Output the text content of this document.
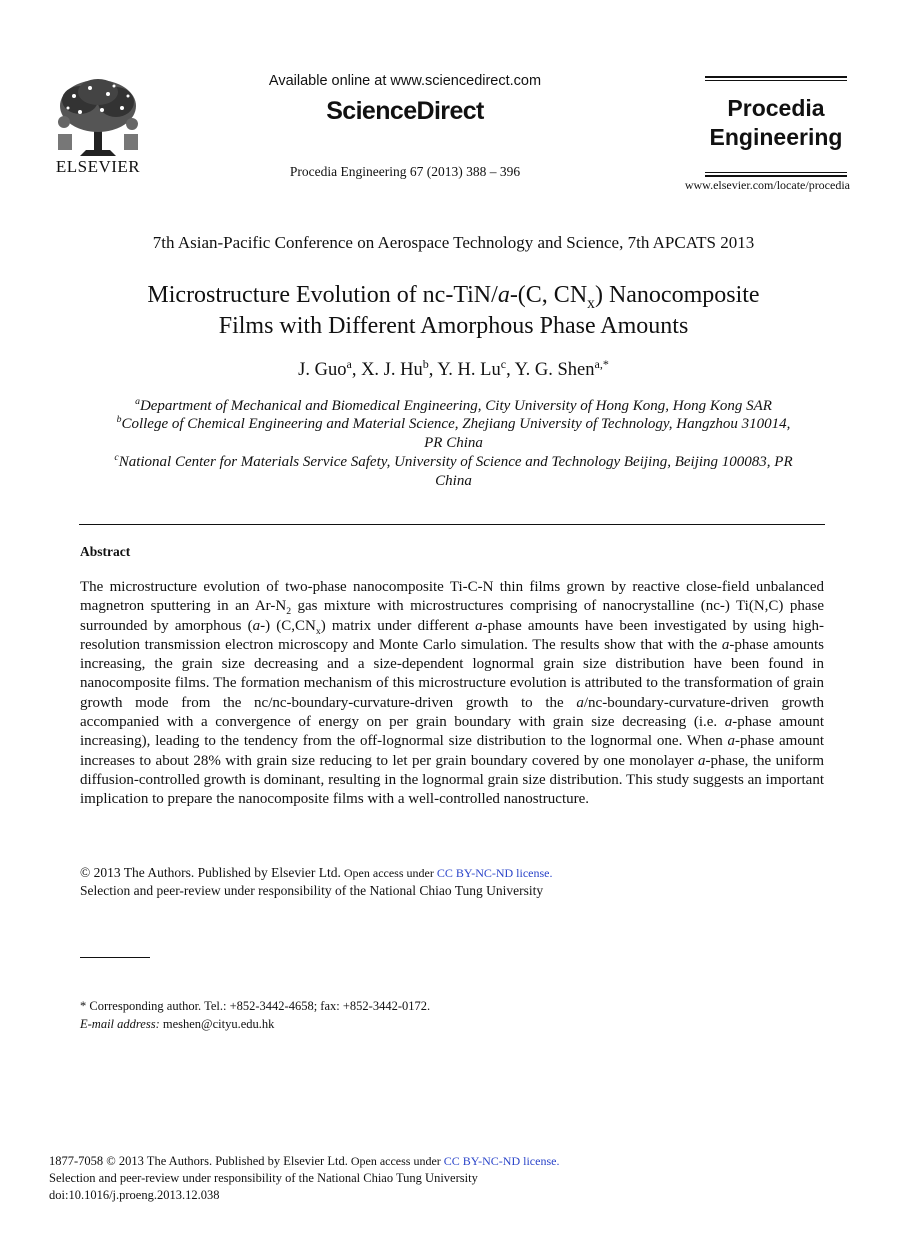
ELSEVIER
Available online at www.sciencedirect.com
ScienceDirect
Procedia Engineering 67 (2013) 388 – 396
Procedia
Engineering
www.elsevier.com/locate/procedia
7th Asian-Pacific Conference on Aerospace Technology and Science, 7th APCATS 2013
Microstructure Evolution of nc-TiN/a-(C, $CN_x$) Nanocomposite
Films with Different Amorphous Phase Amounts
J. Guo$^a$, X. J. Hu$^b$, Y. H. Lu$^c$, Y. G. Shen$^{a,*}$
$^a$Department of Mechanical and Biomedical Engineering, City University of Hong Kong, Hong Kong SAR
$^b$College of Chemical Engineering and Material Science, Zhejiang University of Technology, Hangzhou 310014,
PR China
$^c$National Center for Materials Service Safety, University of Science and Technology Beijing, Beijing 100083, PR
China
Abstract
The microstructure evolution of two-phase nanocomposite Ti-C-N thin films grown by reactive close-field unbalanced magnetron sputtering in an $Ar-N_2$ gas mixture with microstructures comprising of nanocrystalline (nc-) Ti(N,C) phase surrounded by amorphous (a-) $(C,CN_x)$ matrix under different a-phase amounts have been investigated by using high-resolution transmission electron microscopy and Monte Carlo simulation. The results show that with the a-phase amounts increasing, the grain size decreasing and a size-dependent lognormal grain size distribution have been found in nanocomposite films. The formation mechanism of this microstructure evolution is attributed to the transformation of grain growth mode from the nc/nc-boundary-curvature-driven growth to the a/nc-boundary-curvature-driven growth accompanied with a convergence of energy on per grain boundary with grain size decreasing (i.e. a-phase amount increasing), leading to the tendency from the off-lognormal size distribution to the lognormal one. When a-phase amount increases to about 28% with grain size reducing to let per grain boundary covered by one monolayer a-phase, the uniform diffusion-controlled growth is dominant, resulting in the lognormal grain size distribution. This study suggests an important implication to prepare the nanocomposite films with a well-controlled nanostructure.
© 2013 The Authors. Published by Elsevier Ltd. Open access under CC BY-NC-ND license.
Selection and peer-review under responsibility of the National Chiao Tung University
* Corresponding author. Tel.: +852-3442-4658; fax: +852-3442-0172.
E-mail address: meshen@cityu.edu.hk
1877-7058 © 2013 The Authors. Published by Elsevier Ltd. Open access under CC BY-NC-ND license.
Selection and peer-review under responsibility of the National Chiao Tung University
doi:10.1016/j.proeng.2013.12.038
